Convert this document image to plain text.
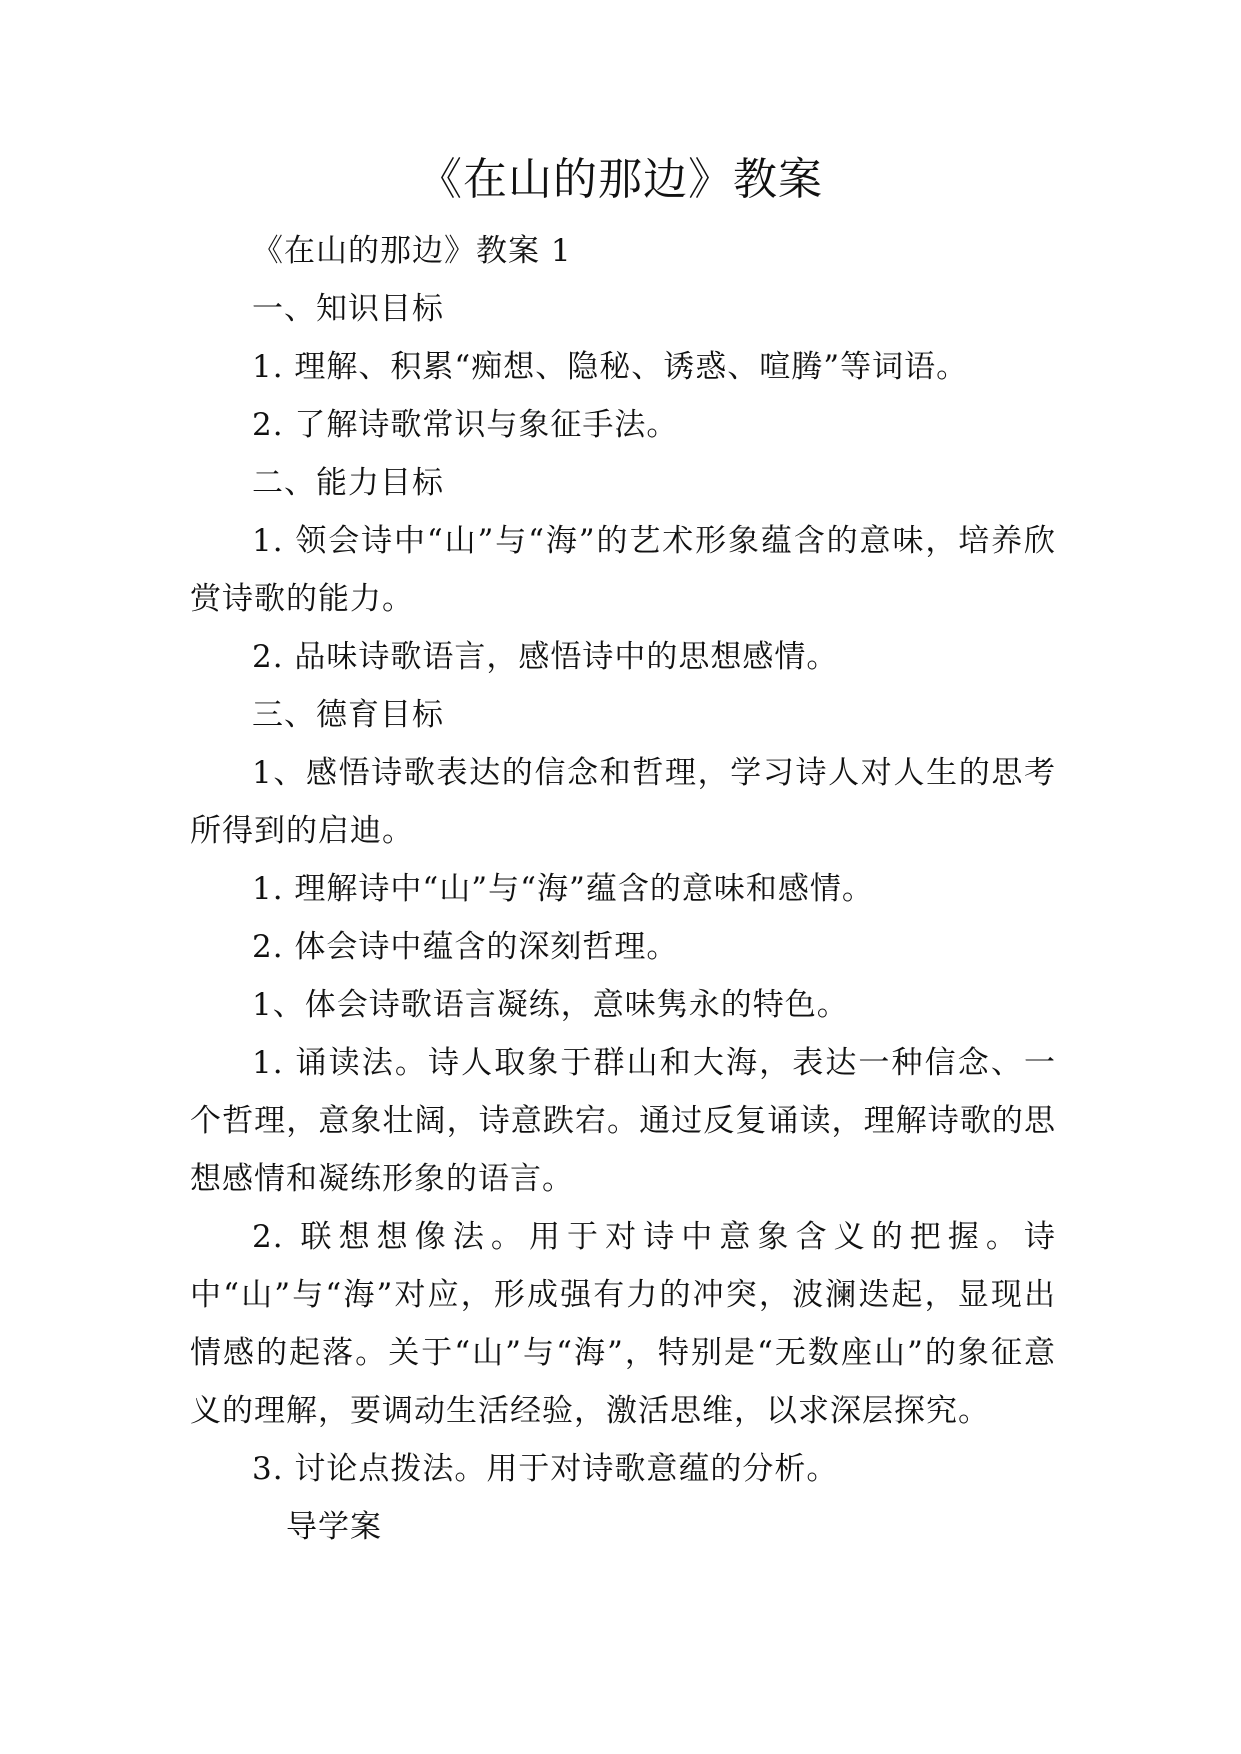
《在山的那边》教案

《在山的那边》教案 1

一、知识目标

1. 理解、积累“痴想、隐秘、诱惑、喧腾”等词语。

2. 了解诗歌常识与象征手法。

二、能力目标

1. 领会诗中“山”与“海”的艺术形象蕴含的意味，培养欣赏诗歌的能力。

2. 品味诗歌语言，感悟诗中的思想感情。

三、德育目标

1、感悟诗歌表达的信念和哲理，学习诗人对人生的思考所得到的启迪。

1. 理解诗中“山”与“海”蕴含的意味和感情。

2. 体会诗中蕴含的深刻哲理。

1、体会诗歌语言凝练，意味隽永的特色。

1. 诵读法。诗人取象于群山和大海，表达一种信念、一个哲理，意象壮阔，诗意跌宕。通过反复诵读，理解诗歌的思想感情和凝练形象的语言。

2. 联想想像法。用于对诗中意象含义的把握。诗中“山”与“海”对应，形成强有力的冲突，波澜迭起，显现出情感的起落。关于“山”与“海”，特别是“无数座山”的象征意义的理解，要调动生活经验，激活思维，以求深层探究。

3. 讨论点拨法。用于对诗歌意蕴的分析。

导学案
